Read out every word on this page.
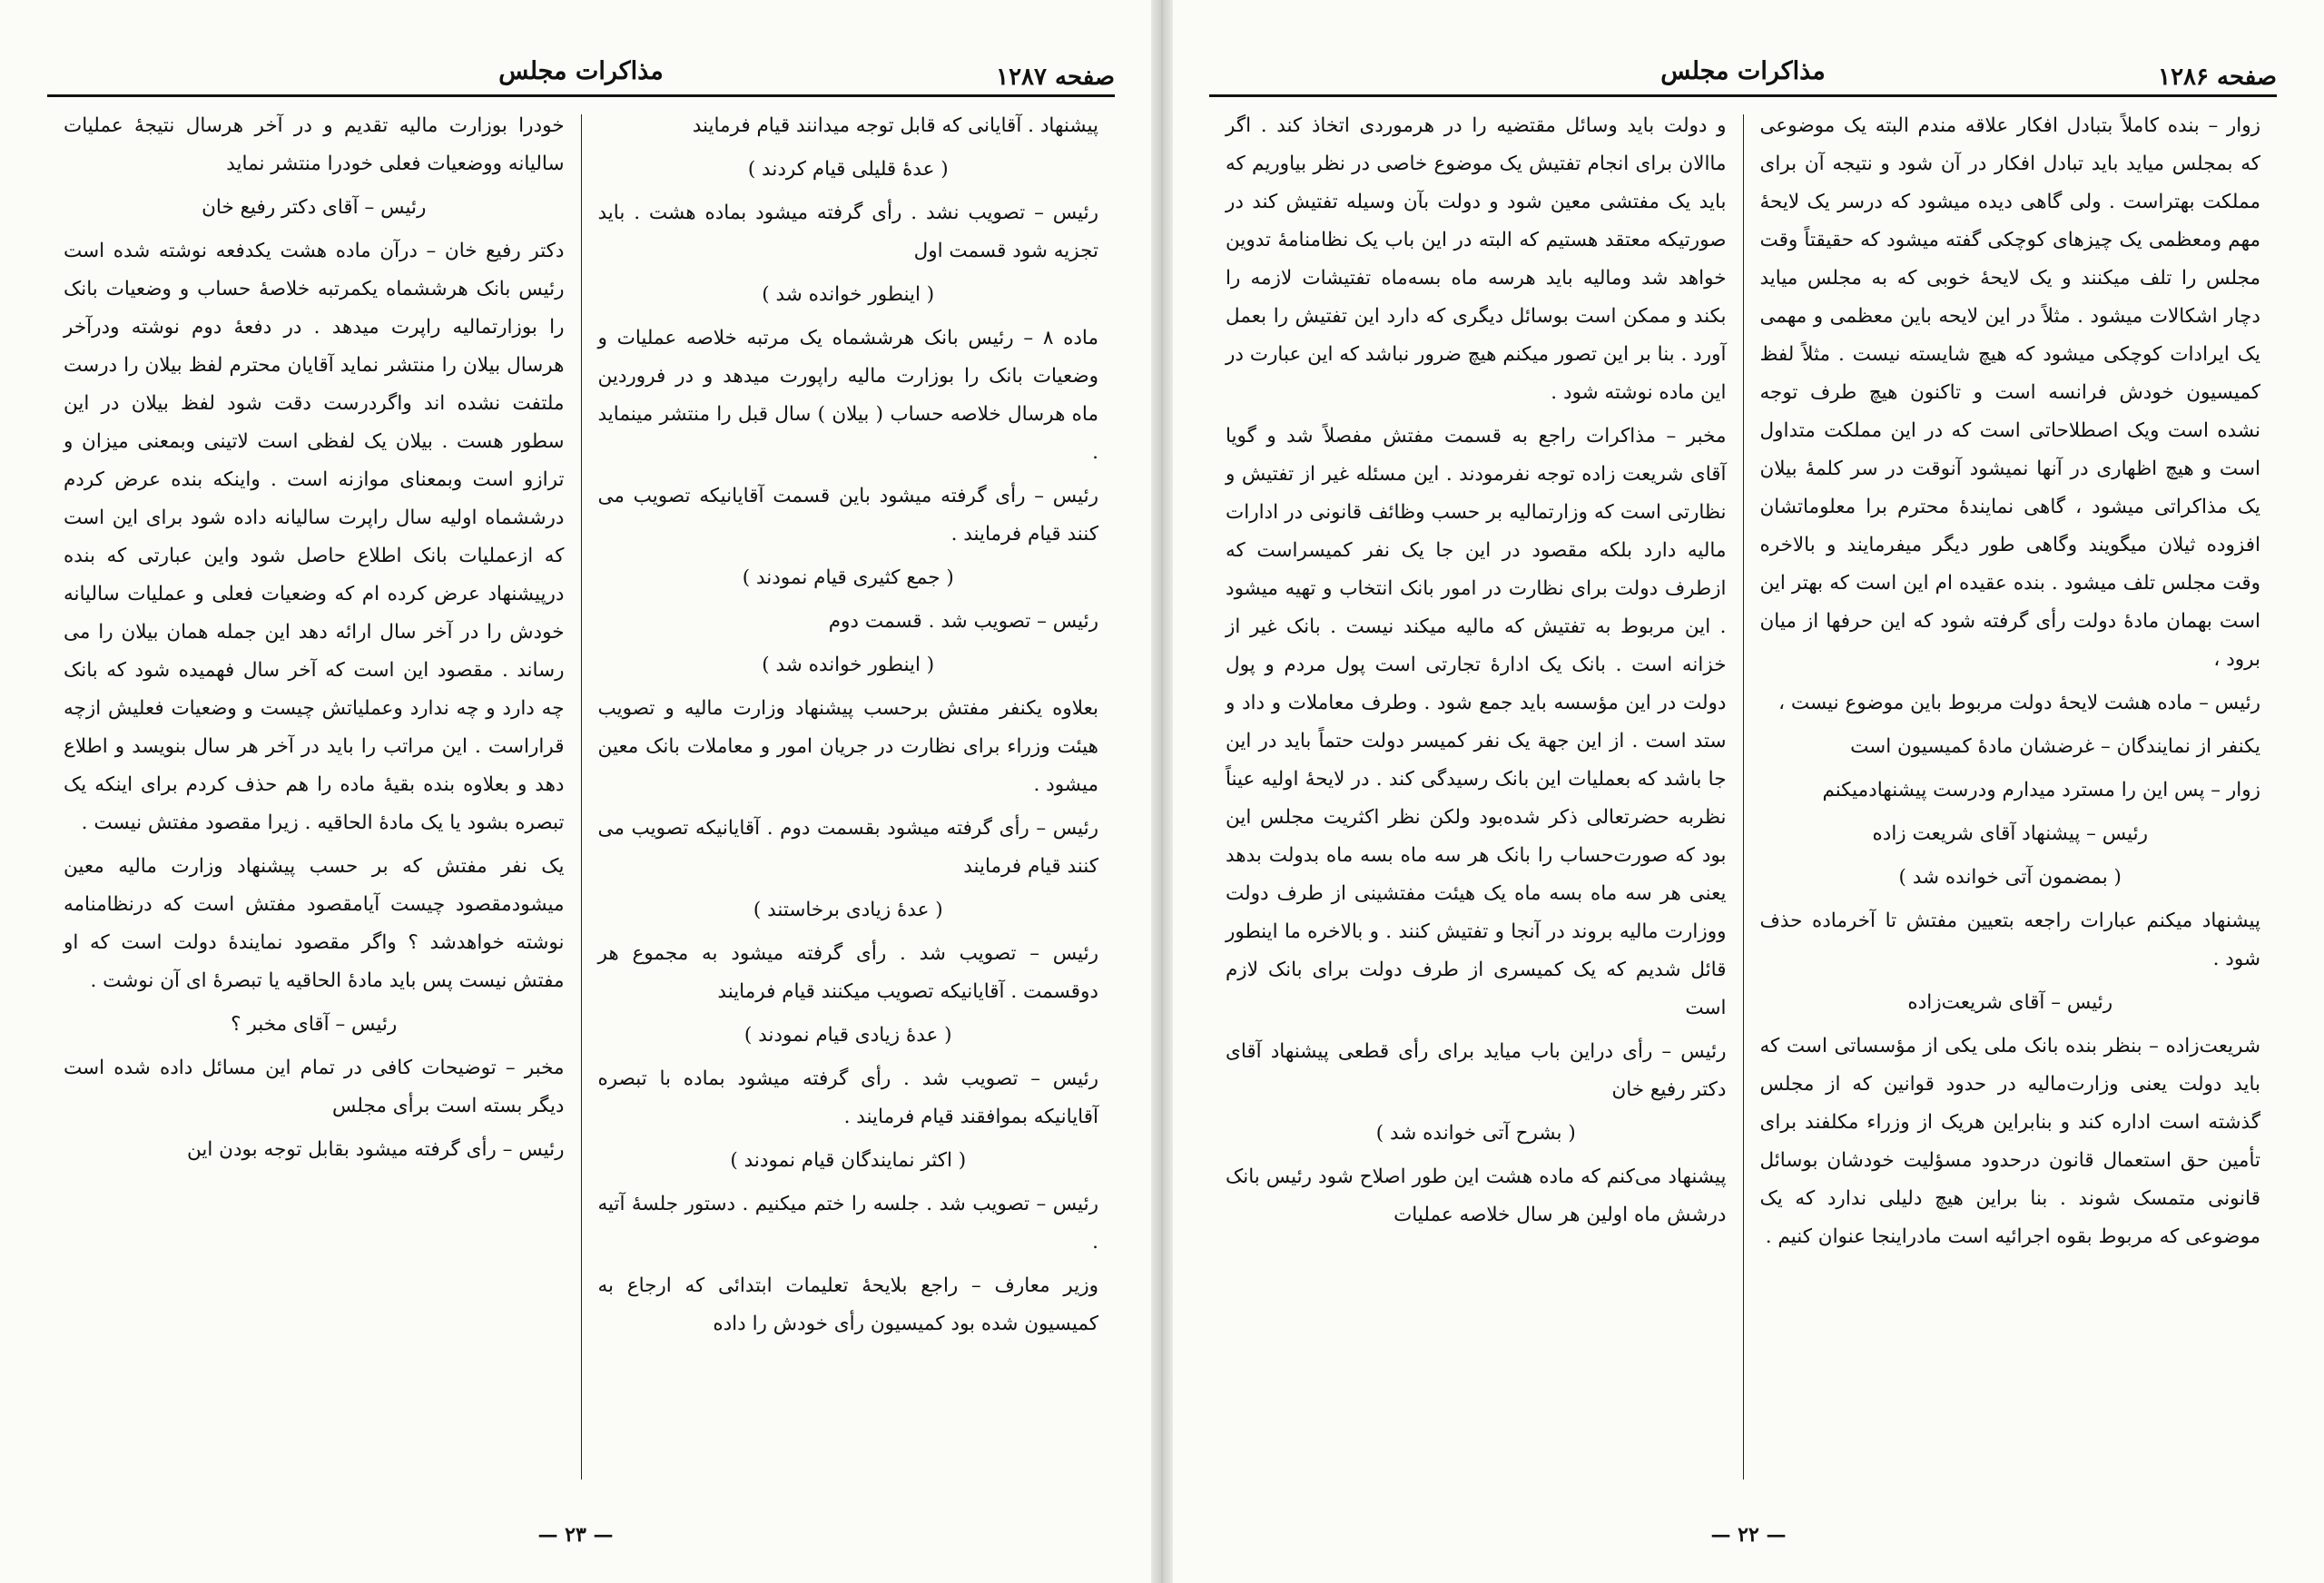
صفحه ۱۲۸۷
مذاکرات مجلس

پیشنهاد . آقایانی که قابل توجه میدانند قیام فرمایند

( عدهٔ قلیلی قیام کردند )

رئیس – تصویب نشد . رأی گرفته میشود بماده هشت . باید تجزیه شود قسمت اول

( اینطور خوانده شد )

ماده ۸ – رئیس بانک هرششماه یک مرتبه خلاصه عملیات و وضعیات بانک را بوزارت مالیه راپورت میدهد و در فروردین ماه هرسال خلاصه حساب ( بیلان ) سال قبل را منتشر مینماید .

رئیس – رأی گرفته میشود باین قسمت آقایانیکه تصویب می کنند قیام فرمایند .

( جمع کثیری قیام نمودند )

رئیس – تصویب شد . قسمت دوم

( اینطور خوانده شد )

بعلاوه یکنفر مفتش برحسب پیشنهاد وزارت مالیه و تصویب هیئت وزراء برای نظارت در جریان امور و معاملات بانک معین میشود .

رئیس – رأی گرفته میشود بقسمت دوم . آقایانیکه تصویب می کنند قیام فرمایند

( عدهٔ زیادی برخاستند )

رئیس – تصویب شد . رأی گرفته میشود به مجموع هر دوقسمت . آقایانیکه تصویب میکنند قیام فرمایند

( عدهٔ زیادی قیام نمودند )

رئیس – تصویب شد . رأی گرفته میشود بماده با تبصره آقایانیکه بموافقند قیام فرمایند .

( اکثر نمایندگان قیام نمودند )

رئیس – تصویب شد . جلسه را ختم میکنیم . دستور جلسهٔ آتیه .

وزیر معارف – راجع بلایحهٔ تعلیمات ابتدائی که ارجاع به کمیسیون شده بود کمیسیون رأی خودش را داده

خودرا بوزارت مالیه تقدیم و در آخر هرسال نتیجهٔ عملیات سالیانه ووضعیات فعلی خودرا منتشر نماید

رئیس – آقای دکتر رفیع خان

دکتر رفیع خان – درآن ماده هشت یکدفعه نوشته شده است رئیس بانک هرششماه یکمرتبه خلاصهٔ حساب و وضعیات بانک را بوزارتمالیه راپرت میدهد . در دفعهٔ دوم نوشته ودرآخر هرسال بیلان را منتشر نماید آقایان محترم لفظ بیلان را درست ملتفت نشده اند واگردرست دقت شود لفظ بیلان در این سطور هست . بیلان یک لفظی است لاتینی وبمعنی میزان و ترازو است وبمعنای موازنه است . واینکه بنده عرض کردم درششماه اولیه سال راپرت سالیانه داده شود برای این است که ازعملیات بانک اطلاع حاصل شود واین عبارتی که بنده درپیشنهاد عرض کرده ام که وضعیات فعلی و عملیات سالیانه خودش را در آخر سال ارائه دهد این جمله همان بیلان را می رساند . مقصود این است که آخر سال فهمیده شود که بانک چه دارد و چه ندارد وعملیاتش چیست و وضعیات فعلیش ازچه قراراست . این مراتب را باید در آخر هر سال بنویسد و اطلاع دهد و بعلاوه بنده بقیهٔ ماده را هم حذف کردم برای اینکه یک تبصره بشود یا یک مادهٔ الحاقیه . زیرا مقصود مفتش نیست .

یک نفر مفتش که بر حسب پیشنهاد وزارت مالیه معین میشودمقصود چیست آیامقصود مفتش است که درنظامنامه نوشته خواهدشد ؟ واگر مقصود نمایندهٔ دولت است که او مفتش نیست پس باید مادهٔ الحاقیه یا تبصرهٔ ای آن نوشت .

رئیس – آقای مخبر ؟

مخبر – توضیحات کافی در تمام این مسائل داده شده است دیگر بسته است برأی مجلس

رئیس – رأی گرفته میشود بقابل توجه بودن این

— ۲۳ —
صفحه ۱۲۸۶
مذاکرات مجلس

زوار – بنده کاملاً بتبادل افکار علاقه مندم البته یک موضوعی که بمجلس میاید باید تبادل افکار در آن شود و نتیجه آن برای مملکت بهتراست . ولی گاهی دیده میشود که درسر یک لایحهٔ مهم ومعظمی یک چیزهای کوچکی گفته میشود که حقیقتاً وقت مجلس را تلف میکنند و یک لایحهٔ خوبی که به مجلس میاید دچار اشکالات میشود . مثلاً در این لایحه باین معظمی و مهمی یک ایرادات کوچکی میشود که هیچ شایسته نیست . مثلاً لفظ کمیسیون خودش فرانسه است و تاکنون هیچ طرف توجه نشده است ویک اصطلاحاتی است که در این مملکت متداول است و هیچ اظهاری در آنها نمیشود آنوقت در سر کلمهٔ بیلان یک مذاکراتی میشود ، گاهی نمایندهٔ محترم برا معلوماتشان افزوده ثیلان میگویند وگاهی طور دیگر میفرمایند و بالاخره وقت مجلس تلف میشود . بنده عقیده ام این است که بهتر این است بهمان مادهٔ دولت رأی گرفته شود که این حرفها از میان برود ،

رئیس – ماده هشت لایحهٔ دولت مربوط باین موضوع نیست ،

یکنفر از نمایندگان – غرضشان مادهٔ کمیسیون است

زوار – پس این را مسترد میدارم ودرست پیشنهادمیکنم

رئیس – پیشنهاد آقای شریعت زاده

( بمضمون آتی خوانده شد )

پیشنهاد میکنم عبارات راجعه بتعیین مفتش تا آخرماده حذف شود .

رئیس – آقای شریعت‌زاده

شریعت‌زاده – بنظر بنده بانک ملی یکی از مؤسساتی است که باید دولت یعنی وزارت‌مالیه در حدود قوانین که از مجلس گذشته است اداره کند و بنابراین هریک از وزراء مکلفند برای تأمین حق استعمال قانون درحدود مسؤلیت خودشان بوسائل قانونی متمسک شوند . بنا براین هیچ دلیلی ندارد که یک موضوعی که مربوط بقوه اجرائیه است مادراینجا عنوان کنیم .

و دولت باید وسائل مقتضیه را در هرموردی اتخاذ کند . اگر ماالان برای انجام تفتیش یک موضوع خاصی در نظر بیاوریم که باید یک مفتشی معین شود و دولت بآن وسیله تفتیش کند در صورتیکه معتقد هستیم که البته در این باب یک نظامنامهٔ تدوین خواهد شد ومالیه باید هرسه ماه بسه‌ماه تفتیشات لازمه را بکند و ممکن است بوسائل دیگری که دارد این تفتیش را بعمل آورد . بنا بر این تصور میکنم هیچ ضرور نباشد که این عبارت در این ماده نوشته شود .

مخبر – مذاکرات راجع به قسمت مفتش مفصلاً شد و گویا آقای شریعت زاده توجه نفرمودند . این مسئله غیر از تفتیش و نظارتی است که وزارتمالیه بر حسب وظائف قانونی در ادارات مالیه دارد بلکه مقصود در این جا یک نفر کمیسراست که ازطرف دولت برای نظارت در امور بانک انتخاب و تهیه میشود . این مربوط به تفتیش که مالیه میکند نیست . بانک غیر از خزانه است . بانک یک ادارهٔ تجارتی است پول مردم و پول دولت در این مؤسسه باید جمع شود . وطرف معاملات و داد و ستد است . از این جهة یک نفر کمیسر دولت حتماً باید در این جا باشد که بعملیات این بانک رسیدگی کند . در لایحهٔ اولیه عیناً نظربه حضرتعالی ذکر شده‌بود ولکن نظر اکثریت مجلس این بود که صورت‌حساب را بانک هر سه ماه بسه ماه بدولت بدهد یعنی هر سه ماه بسه ماه یک هیئت مفتشینی از طرف دولت ووزارت مالیه بروند در آنجا و تفتیش کنند . و بالاخره ما اینطور قائل شدیم که یک کمیسری از طرف دولت برای بانک لازم است

رئیس – رأی دراین باب میاید برای رأی قطعی پیشنهاد آقای دکتر رفیع خان

( بشرح آتی خوانده شد )

پیشنهاد می‌کنم که ماده هشت این طور اصلاح شود رئیس بانک درشش ماه اولین هر سال خلاصه عملیات

— ۲۲ —
